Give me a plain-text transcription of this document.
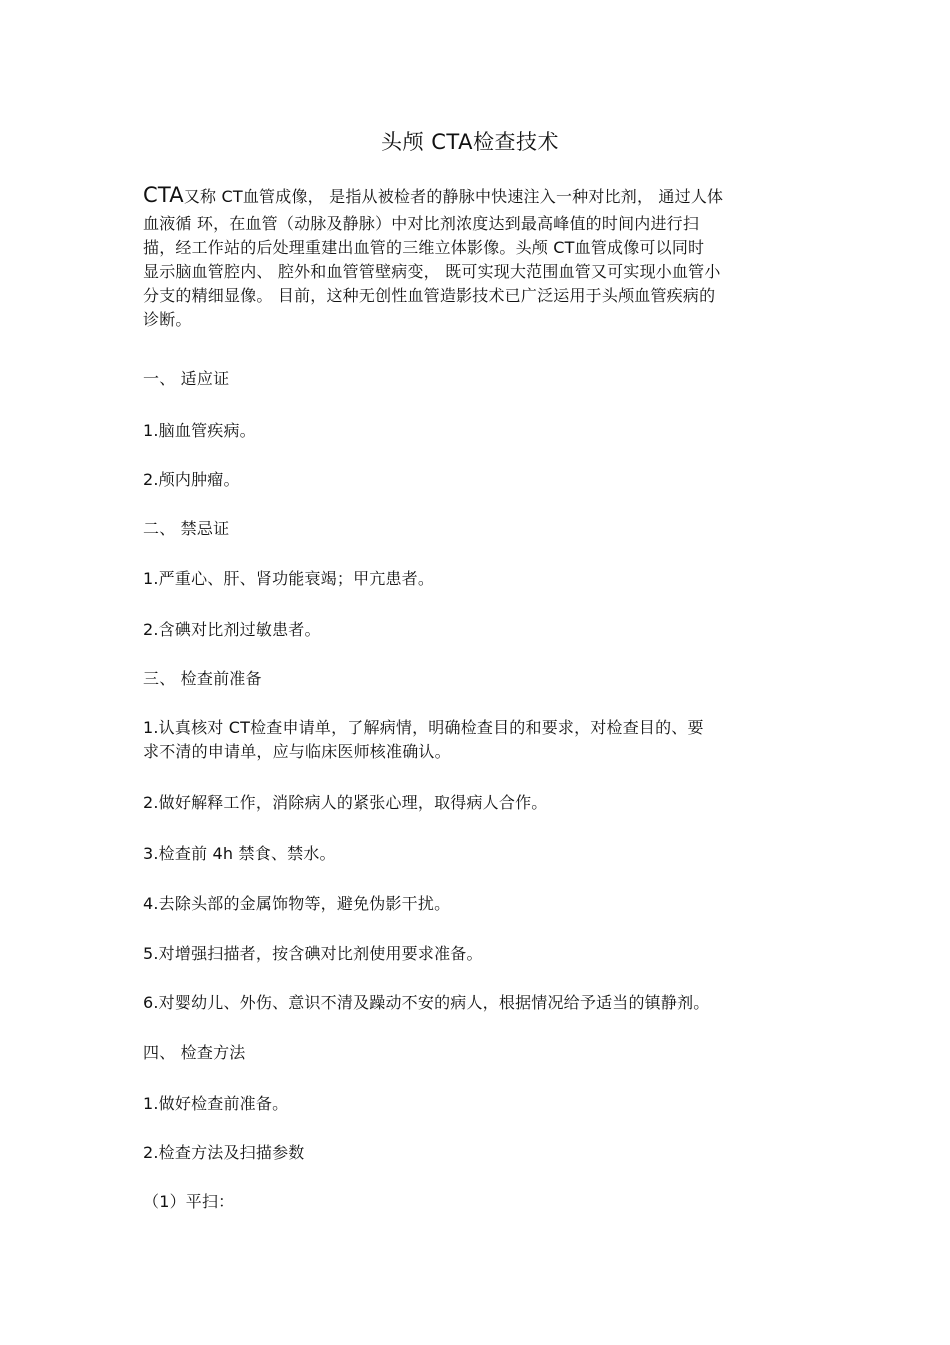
头颅 CTA检查技术
CTA又称 CT血管成像， 是指从被检者的静脉中快速注入一种对比剂， 通过人体
血液循 环，在血管（动脉及静脉）中对比剂浓度达到最高峰值的时间内进行扫
描，经工作站的后处理重建出血管的三维立体影像。头颅 CT血管成像可以同时
显示脑血管腔内、 腔外和血管管壁病变， 既可实现大范围血管又可实现小血管小
分支的精细显像。 目前，这种无创性血管造影技术已广泛运用于头颅血管疾病的
诊断。
一、 适应证
1.脑血管疾病。
2.颅内肿瘤。
二、 禁忌证
1.严重心、肝、肾功能衰竭；甲亢患者。
2.含碘对比剂过敏患者。
三、 检查前准备
1.认真核对 CT检查申请单，了解病情，明确检查目的和要求，对检查目的、要
求不清的申请单，应与临床医师核准确认。
2.做好解释工作，消除病人的紧张心理，取得病人合作。
3.检查前 4h 禁食、禁水。
4.去除头部的金属饰物等，避免伪影干扰。
5.对增强扫描者，按含碘对比剂使用要求准备。
6.对婴幼儿、外伤、意识不清及躁动不安的病人，根据情况给予适当的镇静剂。
四、 检查方法
1.做好检查前准备。
2.检查方法及扫描参数
（1）平扫：
